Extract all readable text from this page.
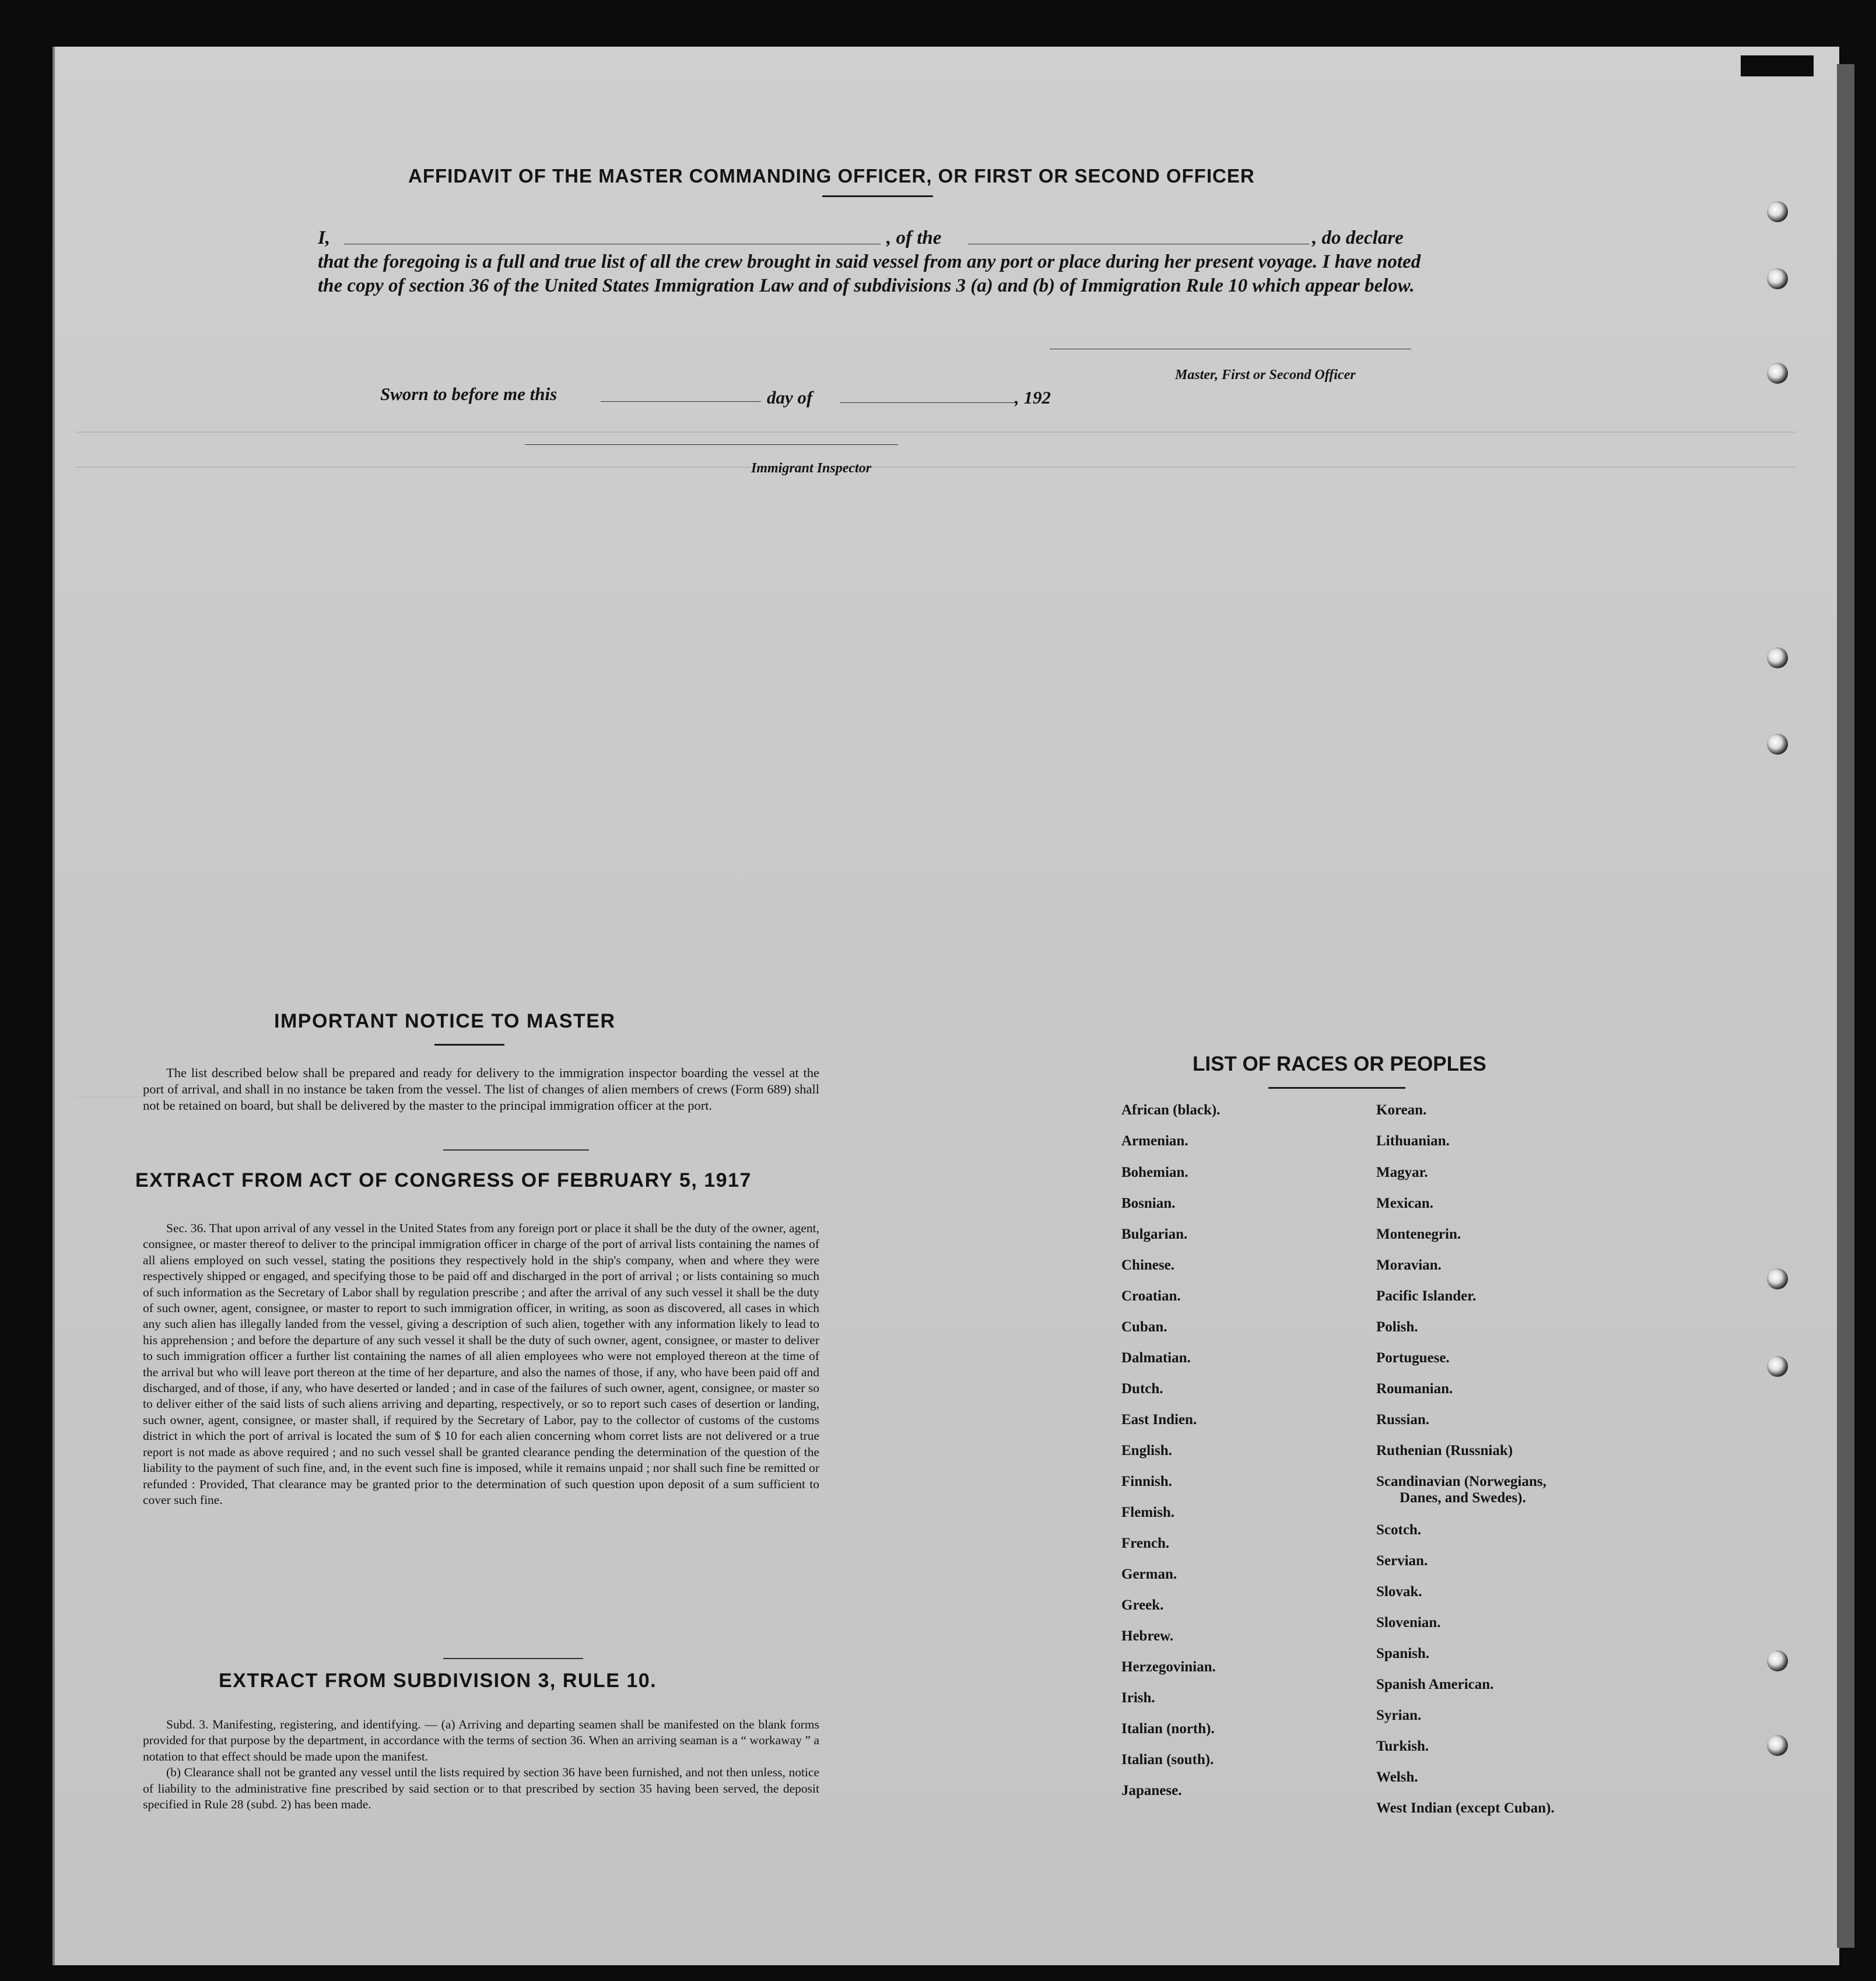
AFFIDAVIT OF THE MASTER COMMANDING OFFICER, OR FIRST OR SECOND OFFICER
I,	, of the	, do declare
that the foregoing is a full and true list of all the crew brought in said vessel from any port or place during her present voyage. I have noted the copy of section 36 of the United States Immigration Law and of subdivisions 3 (a) and (b) of Immigration Rule 10 which appear below.
Master, First or Second Officer
Sworn to before me this	day of	, 192
Immigrant Inspector
IMPORTANT NOTICE TO MASTER

The list described below shall be prepared and ready for delivery to the immigration inspector boarding the vessel at the port of arrival, and shall in no instance be taken from the vessel. The list of changes of alien members of crews (Form 689) shall not be retained on board, but shall be delivered by the master to the principal immigration officer at the port.

EXTRACT FROM ACT OF CONGRESS OF FEBRUARY 5, 1917

Sec. 36. That upon arrival of any vessel in the United States from any foreign port or place it shall be the duty of the owner, agent, consignee, or master thereof to deliver to the principal immigration officer in charge of the port of arrival lists containing the names of all aliens employed on such vessel, stating the positions they respectively hold in the ship's company, when and where they were respectively shipped or engaged, and specifying those to be paid off and discharged in the port of arrival ; or lists containing so much of such information as the Secretary of Labor shall by regulation prescribe ; and after the arrival of any such vessel it shall be the duty of such owner, agent, consignee, or master to report to such immigration officer, in writing, as soon as discovered, all cases in which any such alien has illegally landed from the vessel, giving a description of such alien, together with any information likely to lead to his apprehension ; and before the departure of any such vessel it shall be the duty of such owner, agent, consignee, or master to deliver to such immigration officer a further list containing the names of all alien employees who were not employed thereon at the time of the arrival but who will leave port thereon at the time of her departure, and also the names of those, if any, who have been paid off and discharged, and of those, if any, who have deserted or landed ; and in case of the failures of such owner, agent, consignee, or master so to deliver either of the said lists of such aliens arriving and departing, respectively, or so to report such cases of desertion or landing, such owner, agent, consignee, or master shall, if required by the Secretary of Labor, pay to the collector of customs of the customs district in which the port of arrival is located the sum of $ 10 for each alien concerning whom corret lists are not delivered or a true report is not made as above required ; and no such vessel shall be granted clearance pending the determination of the question of the liability to the payment of such fine, and, in the event such fine is imposed, while it remains unpaid ; nor shall such fine be remitted or refunded : Provided, That clearance may be granted prior to the determination of such question upon deposit of a sum sufficient to cover such fine.

EXTRACT FROM SUBDIVISION 3, RULE 10.

Subd. 3. Manifesting, registering, and identifying. — (a) Arriving and departing seamen shall be manifested on the blank forms provided for that purpose by the department, in accordance with the terms of section 36. When an arriving seaman is a “ workaway ” a notation to that effect should be made upon the manifest.

(b) Clearance shall not be granted any vessel until the lists required by section 36 have been furnished, and not then unless, notice of liability to the administrative fine prescribed by said section or to that prescribed by section 35 having been served, the deposit specified in Rule 28 (subd. 2) has been made.

LIST OF RACES OR PEOPLES
African (black).
Armenian.
Bohemian.
Bosnian.
Bulgarian.
Chinese.
Croatian.
Cuban.
Dalmatian.
Dutch.
East Indien.
English.
Finnish.
Flemish.
French.
German.
Greek.
Hebrew.
Herzegovinian.
Irish.
Italian (north).
Italian (south).
Japanese.
Korean.
Lithuanian.
Magyar.
Mexican.
Montenegrin.
Moravian.
Pacific Islander.
Polish.
Portuguese.
Roumanian.
Russian.
Ruthenian (Russniak)
Scandinavian (Norwegians,
Danes, and Swedes).
Scotch.
Servian.
Slovak.
Slovenian.
Spanish.
Spanish American.
Syrian.
Turkish.
Welsh.
West Indian (except Cuban).
